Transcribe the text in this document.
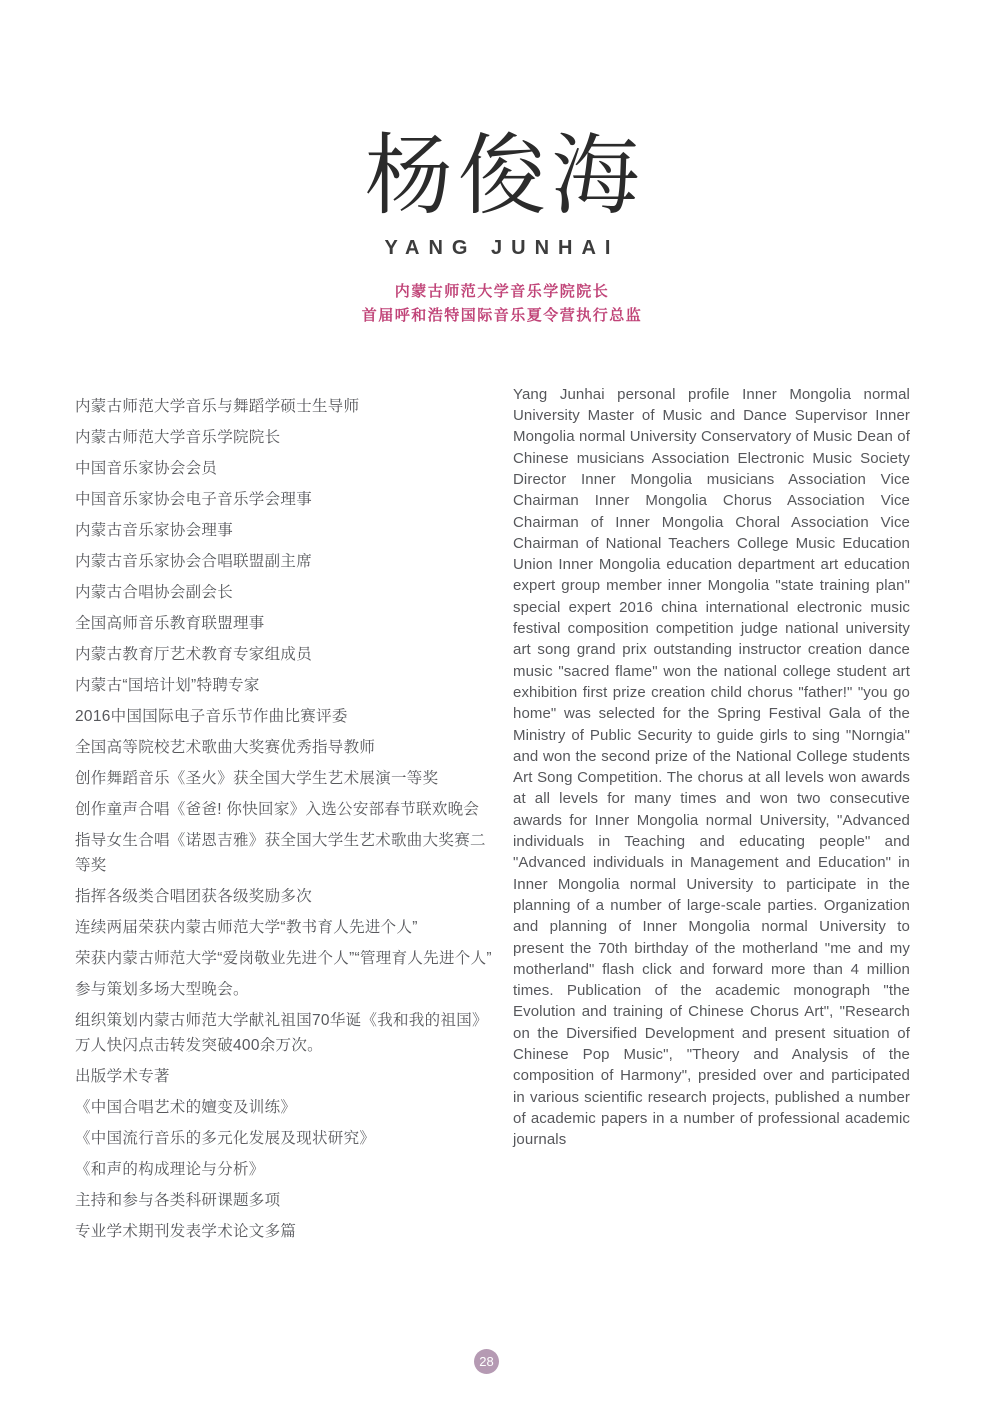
杨俊海
YANG JUNHAI
内蒙古师范大学音乐学院院长
首届呼和浩特国际音乐夏令营执行总监

内蒙古师范大学音乐与舞蹈学硕士生导师

内蒙古师范大学音乐学院院长

中国音乐家协会会员

中国音乐家协会电子音乐学会理事

内蒙古音乐家协会理事

内蒙古音乐家协会合唱联盟副主席

内蒙古合唱协会副会长

全国高师音乐教育联盟理事

内蒙古教育厅艺术教育专家组成员

内蒙古“国培计划”特聘专家

2016中国国际电子音乐节作曲比赛评委

全国高等院校艺术歌曲大奖赛优秀指导教师

创作舞蹈音乐《圣火》获全国大学生艺术展演一等奖

创作童声合唱《爸爸! 你快回家》入选公安部春节联欢晚会

指导女生合唱《诺恩吉雅》获全国大学生艺术歌曲大奖赛二等奖

指挥各级类合唱团获各级奖励多次

连续两届荣获内蒙古师范大学“教书育人先进个人”

荣获内蒙古师范大学“爱岗敬业先进个人”“管理育人先进个人”

参与策划多场大型晚会。

组织策划内蒙古师范大学献礼祖国70华诞《我和我的祖国》万人快闪点击转发突破400余万次。

出版学术专著

《中国合唱艺术的嬗变及训练》

《中国流行音乐的多元化发展及现状研究》

《和声的构成理论与分析》

主持和参与各类科研课题多项

专业学术期刊发表学术论文多篇

Yang Junhai personal profile Inner Mongolia normal University Master of Music and Dance Supervisor Inner Mongolia normal University Conservatory of Music Dean of Chinese musicians Association Electronic Music Society Director Inner Mongolia musicians Association Vice Chairman Inner Mongolia Chorus Association Vice Chairman of Inner Mongolia Choral Association Vice Chairman of National Teachers College Music Education Union Inner Mongolia education department art education expert group member inner Mongolia "state training plan" special expert 2016 china international electronic music festival composition competition judge national university art song grand prix outstanding instructor creation dance music "sacred flame" won the national college student art exhibition first prize creation child chorus "father!" "you go home" was selected for the Spring Festival Gala of the Ministry of Public Security to guide girls to sing "Norngia" and won the second prize of the National College students Art Song Competition. The chorus at all levels won awards at all levels for many times and won two consecutive awards for Inner Mongolia normal University, "Advanced individuals in Teaching and educating people" and "Advanced individuals in Management and Education" in Inner Mongolia normal University to participate in the planning of a number of large-scale parties. Organization and planning of Inner Mongolia normal University to present the 70th birthday of the motherland "me and my motherland" flash click and forward more than 4 million times. Publication of the academic monograph "the Evolution and training of Chinese Chorus Art", "Research on the Diversified Development and present situation of Chinese Pop Music", "Theory and Analysis of the composition of Harmony", presided over and participated in various scientific research projects, published a number of academic papers in a number of professional academic journals

28
